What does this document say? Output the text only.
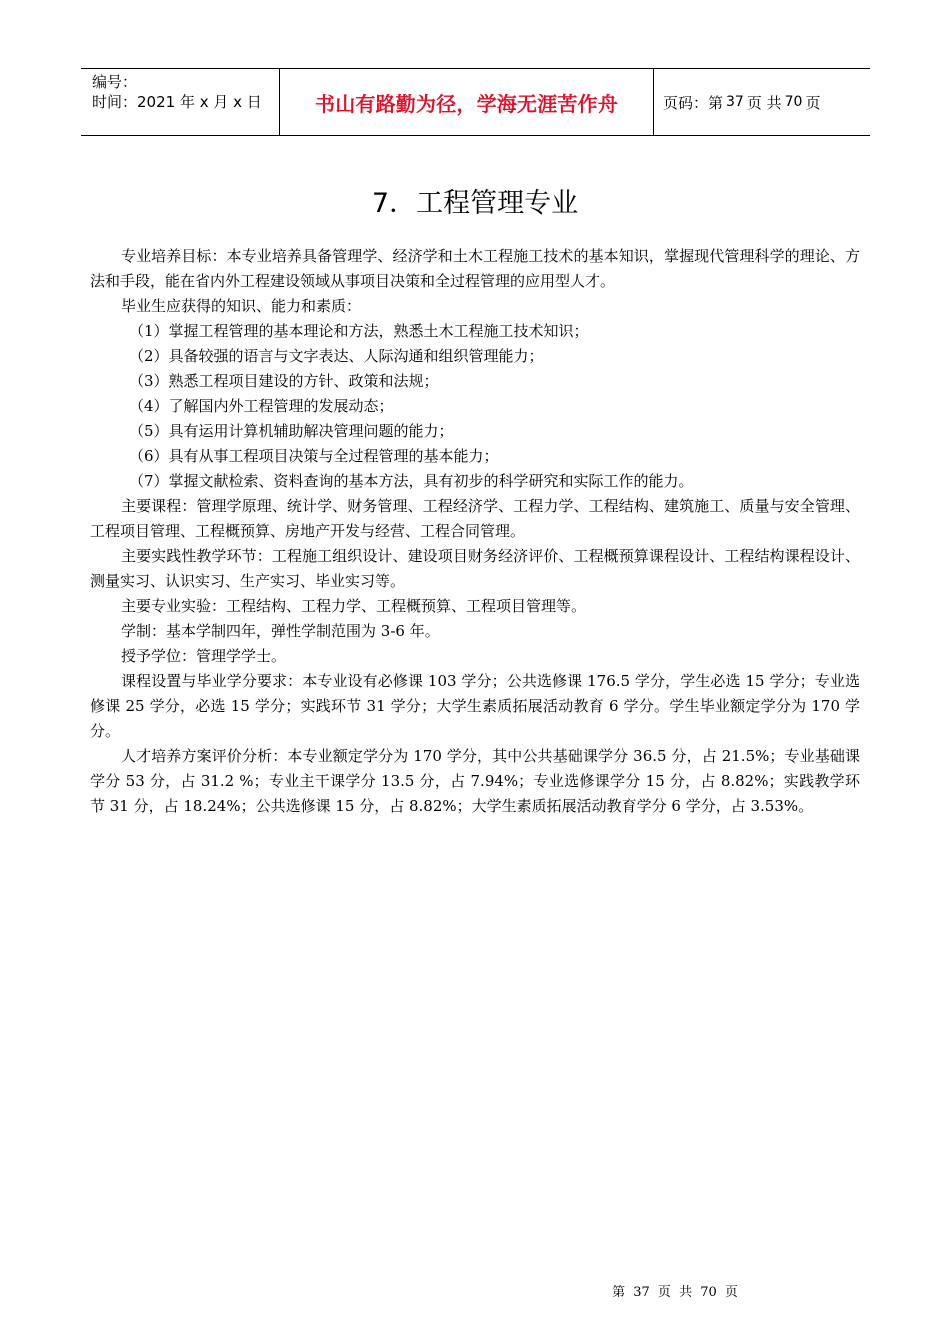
编号：
时间：2021 年 x 月 x 日	书山有路勤为径，学海无涯苦作舟	页码：第 37 页 共 70 页
7．工程管理专业

专业培养目标：本专业培养具备管理学、经济学和土木工程施工技术的基本知识，掌握现代管理科学的理论、方法和手段，能在省内外工程建设领域从事项目决策和全过程管理的应用型人才。

毕业生应获得的知识、能力和素质：

（1）掌握工程管理的基本理论和方法，熟悉土木工程施工技术知识；
（2）具备较强的语言与文字表达、人际沟通和组织管理能力；
（3）熟悉工程项目建设的方针、政策和法规；
（4）了解国内外工程管理的发展动态；
（5）具有运用计算机辅助解决管理问题的能力；
（6）具有从事工程项目决策与全过程管理的基本能力；
（7）掌握文献检索、资料查询的基本方法，具有初步的科学研究和实际工作的能力。

主要课程：管理学原理、统计学、财务管理、工程经济学、工程力学、工程结构、建筑施工、质量与安全管理、工程项目管理、工程概预算、房地产开发与经营、工程合同管理。

主要实践性教学环节：工程施工组织设计、建设项目财务经济评价、工程概预算课程设计、工程结构课程设计、测量实习、认识实习、生产实习、毕业实习等。

主要专业实验：工程结构、工程力学、工程概预算、工程项目管理等。

学制：基本学制四年，弹性学制范围为 3-6 年。

授予学位：管理学学士。

课程设置与毕业学分要求：本专业设有必修课 103 学分；公共选修课 176.5 学分，学生必选 15 学分；专业选修课 25 学分，必选 15 学分；实践环节 31 学分；大学生素质拓展活动教育 6 学分。学生毕业额定学分为 170 学分。

人才培养方案评价分析：本专业额定学分为 170 学分，其中公共基础课学分 36.5 分，占 21.5%；专业基础课学分 53 分，占 31.2 %；专业主干课学分 13.5 分，占 7.94%；专业选修课学分 15 分，占 8.82%；实践教学环节 31 分，占 18.24%；公共选修课 15 分，占 8.82%；大学生素质拓展活动教育学分 6 学分，占 3.53%。

第 37 页 共 70 页
